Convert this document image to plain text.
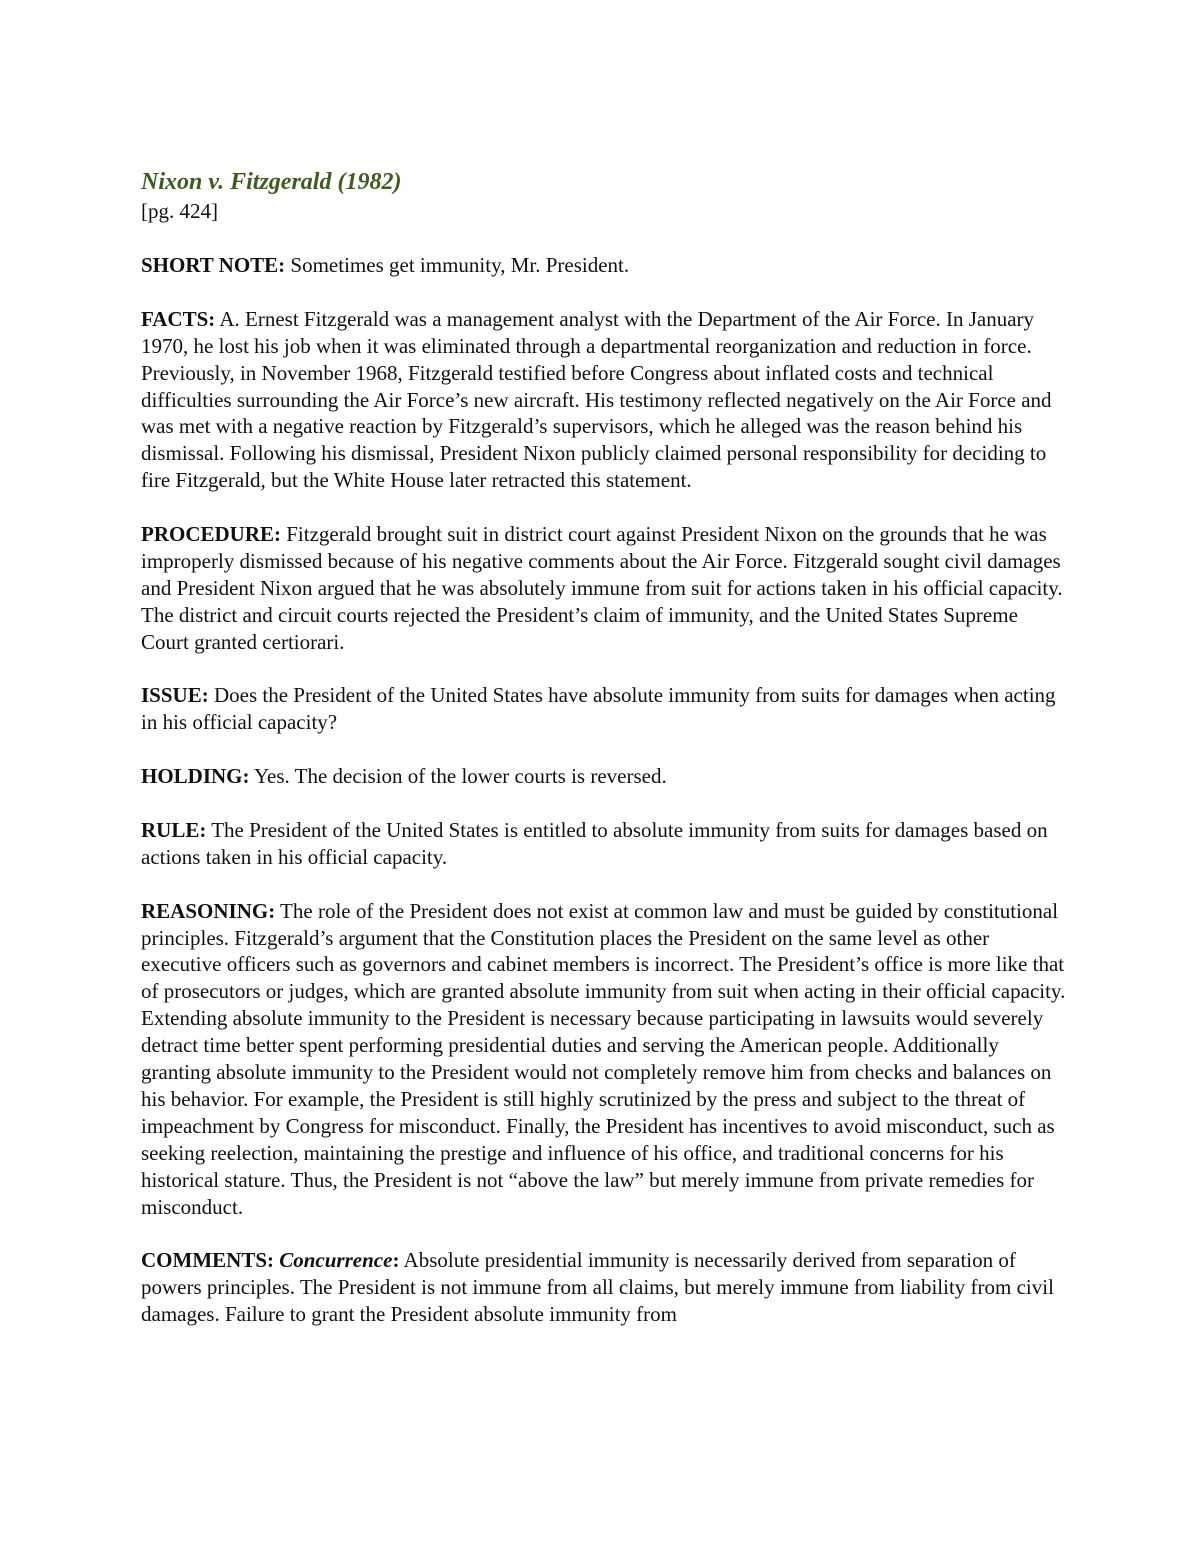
Nixon v. Fitzgerald (1982)

[pg. 424]

SHORT NOTE: Sometimes get immunity, Mr. President.

FACTS: A. Ernest Fitzgerald was a management analyst with the Department of the Air Force. In January 1970, he lost his job when it was eliminated through a departmental reorganization and reduction in force. Previously, in November 1968, Fitzgerald testified before Congress about inflated costs and technical difficulties surrounding the Air Force’s new aircraft. His testimony reflected negatively on the Air Force and was met with a negative reaction by Fitzgerald’s supervisors, which he alleged was the reason behind his dismissal. Following his dismissal, President Nixon publicly claimed personal responsibility for deciding to fire Fitzgerald, but the White House later retracted this statement.

PROCEDURE: Fitzgerald brought suit in district court against President Nixon on the grounds that he was improperly dismissed because of his negative comments about the Air Force. Fitzgerald sought civil damages and President Nixon argued that he was absolutely immune from suit for actions taken in his official capacity. The district and circuit courts rejected the President’s claim of immunity, and the United States Supreme Court granted certiorari.

ISSUE: Does the President of the United States have absolute immunity from suits for damages when acting in his official capacity?

HOLDING: Yes. The decision of the lower courts is reversed.

RULE: The President of the United States is entitled to absolute immunity from suits for damages based on actions taken in his official capacity.

REASONING: The role of the President does not exist at common law and must be guided by constitutional principles. Fitzgerald’s argument that the Constitution places the President on the same level as other executive officers such as governors and cabinet members is incorrect. The President’s office is more like that of prosecutors or judges, which are granted absolute immunity from suit when acting in their official capacity. Extending absolute immunity to the President is necessary because participating in lawsuits would severely detract time better spent performing presidential duties and serving the American people. Additionally granting absolute immunity to the President would not completely remove him from checks and balances on his behavior. For example, the President is still highly scrutinized by the press and subject to the threat of impeachment by Congress for misconduct. Finally, the President has incentives to avoid misconduct, such as seeking reelection, maintaining the prestige and influence of his office, and traditional concerns for his historical stature. Thus, the President is not “above the law” but merely immune from private remedies for misconduct.

COMMENTS: Concurrence: Absolute presidential immunity is necessarily derived from separation of powers principles. The President is not immune from all claims, but merely immune from liability from civil damages. Failure to grant the President absolute immunity from
